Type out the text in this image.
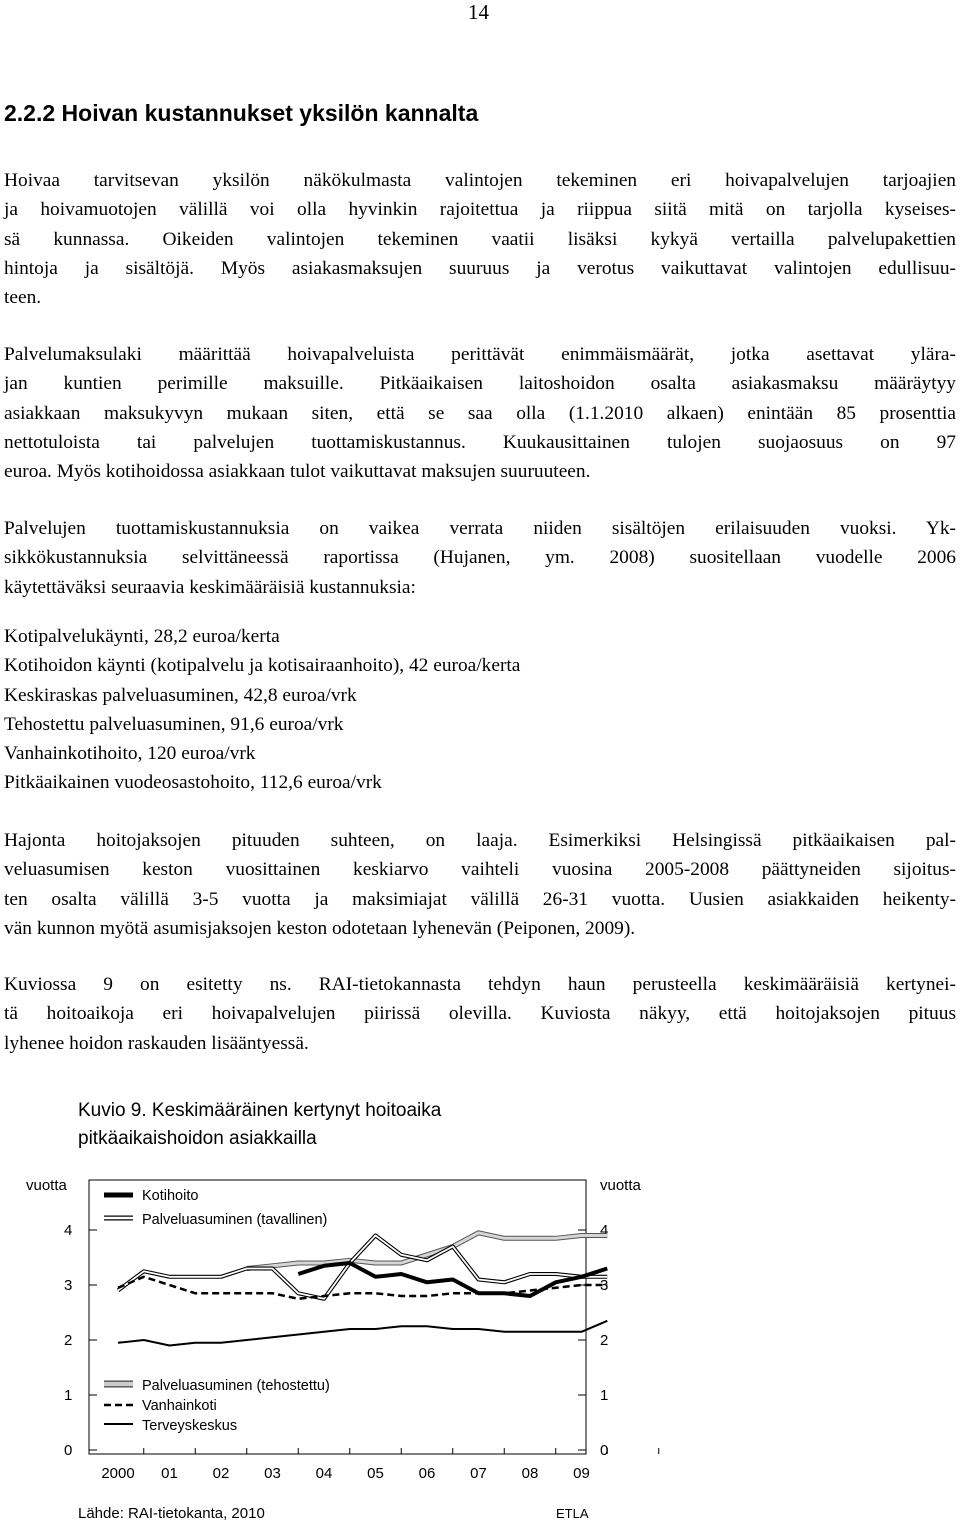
14
2.2.2 Hoivan kustannukset yksilön kannalta

Hoivaa tarvitsevan yksilön näkökulmasta valintojen tekeminen eri hoivapalvelujen tarjoajien
ja hoivamuotojen välillä voi olla hyvinkin rajoitettua ja riippua siitä mitä on tarjolla kyseises-
sä kunnassa. Oikeiden valintojen tekeminen vaatii lisäksi kykyä vertailla palvelupakettien
hintoja ja sisältöjä. Myös asiakasmaksujen suuruus ja verotus vaikuttavat valintojen edullisuu-
teen.

Palvelumaksulaki määrittää hoivapalveluista perittävät enimmäismäärät, jotka asettavat ylära-
jan kuntien perimille maksuille. Pitkäaikaisen laitoshoidon osalta asiakasmaksu määräytyy
asiakkaan maksukyvyn mukaan siten, että se saa olla (1.1.2010 alkaen) enintään 85 prosenttia
nettotuloista tai palvelujen tuottamiskustannus. Kuukausittainen tulojen suojaosuus on 97
euroa. Myös kotihoidossa asiakkaan tulot vaikuttavat maksujen suuruuteen.

Palvelujen tuottamiskustannuksia on vaikea verrata niiden sisältöjen erilaisuuden vuoksi. Yk-
sikkökustannuksia selvittäneessä raportissa (Hujanen, ym. 2008) suositellaan vuodelle 2006
käytettäväksi seuraavia keskimääräisiä kustannuksia:

Kotipalvelukäynti, 28,2 euroa/kerta
Kotihoidon käynti (kotipalvelu ja kotisairaanhoito), 42 euroa/kerta
Keskiraskas palveluasuminen, 42,8 euroa/vrk
Tehostettu palveluasuminen, 91,6 euroa/vrk
Vanhainkotihoito, 120 euroa/vrk
Pitkäaikainen vuodeosastohoito, 112,6 euroa/vrk

Hajonta hoitojaksojen pituuden suhteen, on laaja. Esimerkiksi Helsingissä pitkäaikaisen pal-
veluasumisen keston vuosittainen keskiarvo vaihteli vuosina 2005-2008 päättyneiden sijoitus-
ten osalta välillä 3-5 vuotta ja maksimiajat välillä 26-31 vuotta. Uusien asiakkaiden heikenty-
vän kunnon myötä asumisjaksojen keston odotetaan lyhenevän (Peiponen, 2009).

Kuviossa 9 on esitetty ns. RAI-tietokannasta tehdyn haun perusteella keskimääräisiä kertynei-
tä hoitoaikoja eri hoivapalvelujen piirissä olevilla. Kuviosta näkyy, että hoitojaksojen pituus
lyhenee hoidon raskauden lisääntyessä.

Kuvio 9. Keskimääräinen kertynyt hoitoaika
pitkäaikaishoidon asiakkailla

vuotta	vuotta
0
1
2
3
4
0
1
2
3
4
2000 01 02 03 04 05 06 07 08 09
Kotihoito
Palveluasuminen (tavallinen)
Palveluasuminen (tehostettu)
Vanhainkoti
Terveyskeskus
Lähde: RAI-tietokanta, 2010	ETLA
